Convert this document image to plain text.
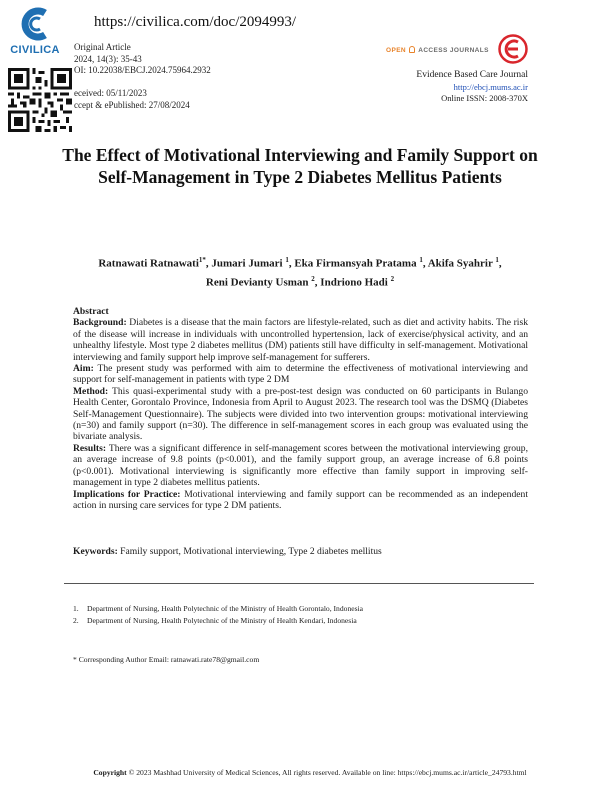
CIVILICA
https://civilica.com/doc/2094993/
Original Article
2024, 14(3): 35-43
OI: 10.22038/EBCJ.2024.75964.2932

eceived: 05/11/2023
ccept & ePublished: 27/08/2024
OPEN ACCESS JOURNALS
Evidence Based Care Journal
http://ebcj.mums.ac.ir
Online ISSN: 2008-370X
The Effect of Motivational Interviewing and Family Support on Self-Management in Type 2 Diabetes Mellitus Patients
Ratnawati Ratnawati$^{1*}$, Jumari Jumari $^1$, Eka Firmansyah Pratama $^1$, Akifa Syahrir $^1$,
Reni Devianty Usman $^2$, Indriono Hadi $^2$

Abstract

Background: Diabetes is a disease that the main factors are lifestyle-related, such as diet and activity habits. The risk of the disease will increase in individuals with uncontrolled hypertension, lack of exercise/physical activity, and an unhealthy lifestyle. Most type 2 diabetes mellitus (DM) patients still have difficulty in self-management. Motivational interviewing and family support help improve self-management for sufferers.

Aim: The present study was performed with aim to determine the effectiveness of motivational interviewing and support for self-management in patients with type 2 DM

Method: This quasi-experimental study with a pre-post-test design was conducted on 60 participants in Bulango Health Center, Gorontalo Province, Indonesia from April to August 2023. The research tool was the DSMQ (Diabetes Self-Management Questionnaire). The subjects were divided into two intervention groups: motivational interviewing (n=30) and family support (n=30). The difference in self-management scores in each group was evaluated using the bivariate analysis.

Results: There was a significant difference in self-management scores between the motivational interviewing group, an average increase of 9.8 points (p<0.001), and the family support group, an average increase of 6.8 points (p<0.001). Motivational interviewing is significantly more effective than family support in improving self-management in type 2 diabetes mellitus patients.

Implications for Practice: Motivational interviewing and family support can be recommended as an independent action in nursing care services for type 2 DM patients.

Keywords: Family support, Motivational interviewing, Type 2 diabetes mellitus
1. Department of Nursing, Health Polytechnic of the Ministry of Health Gorontalo, Indonesia
2. Department of Nursing, Health Polytechnic of the Ministry of Health Kendari, Indonesia
* Corresponding Author Email: ratnawati.rate78@gmail.com
Copyright © 2023 Mashhad University of Medical Sciences, All rights reserved. Available on line: https://ebcj.mums.ac.ir/article_24793.html
